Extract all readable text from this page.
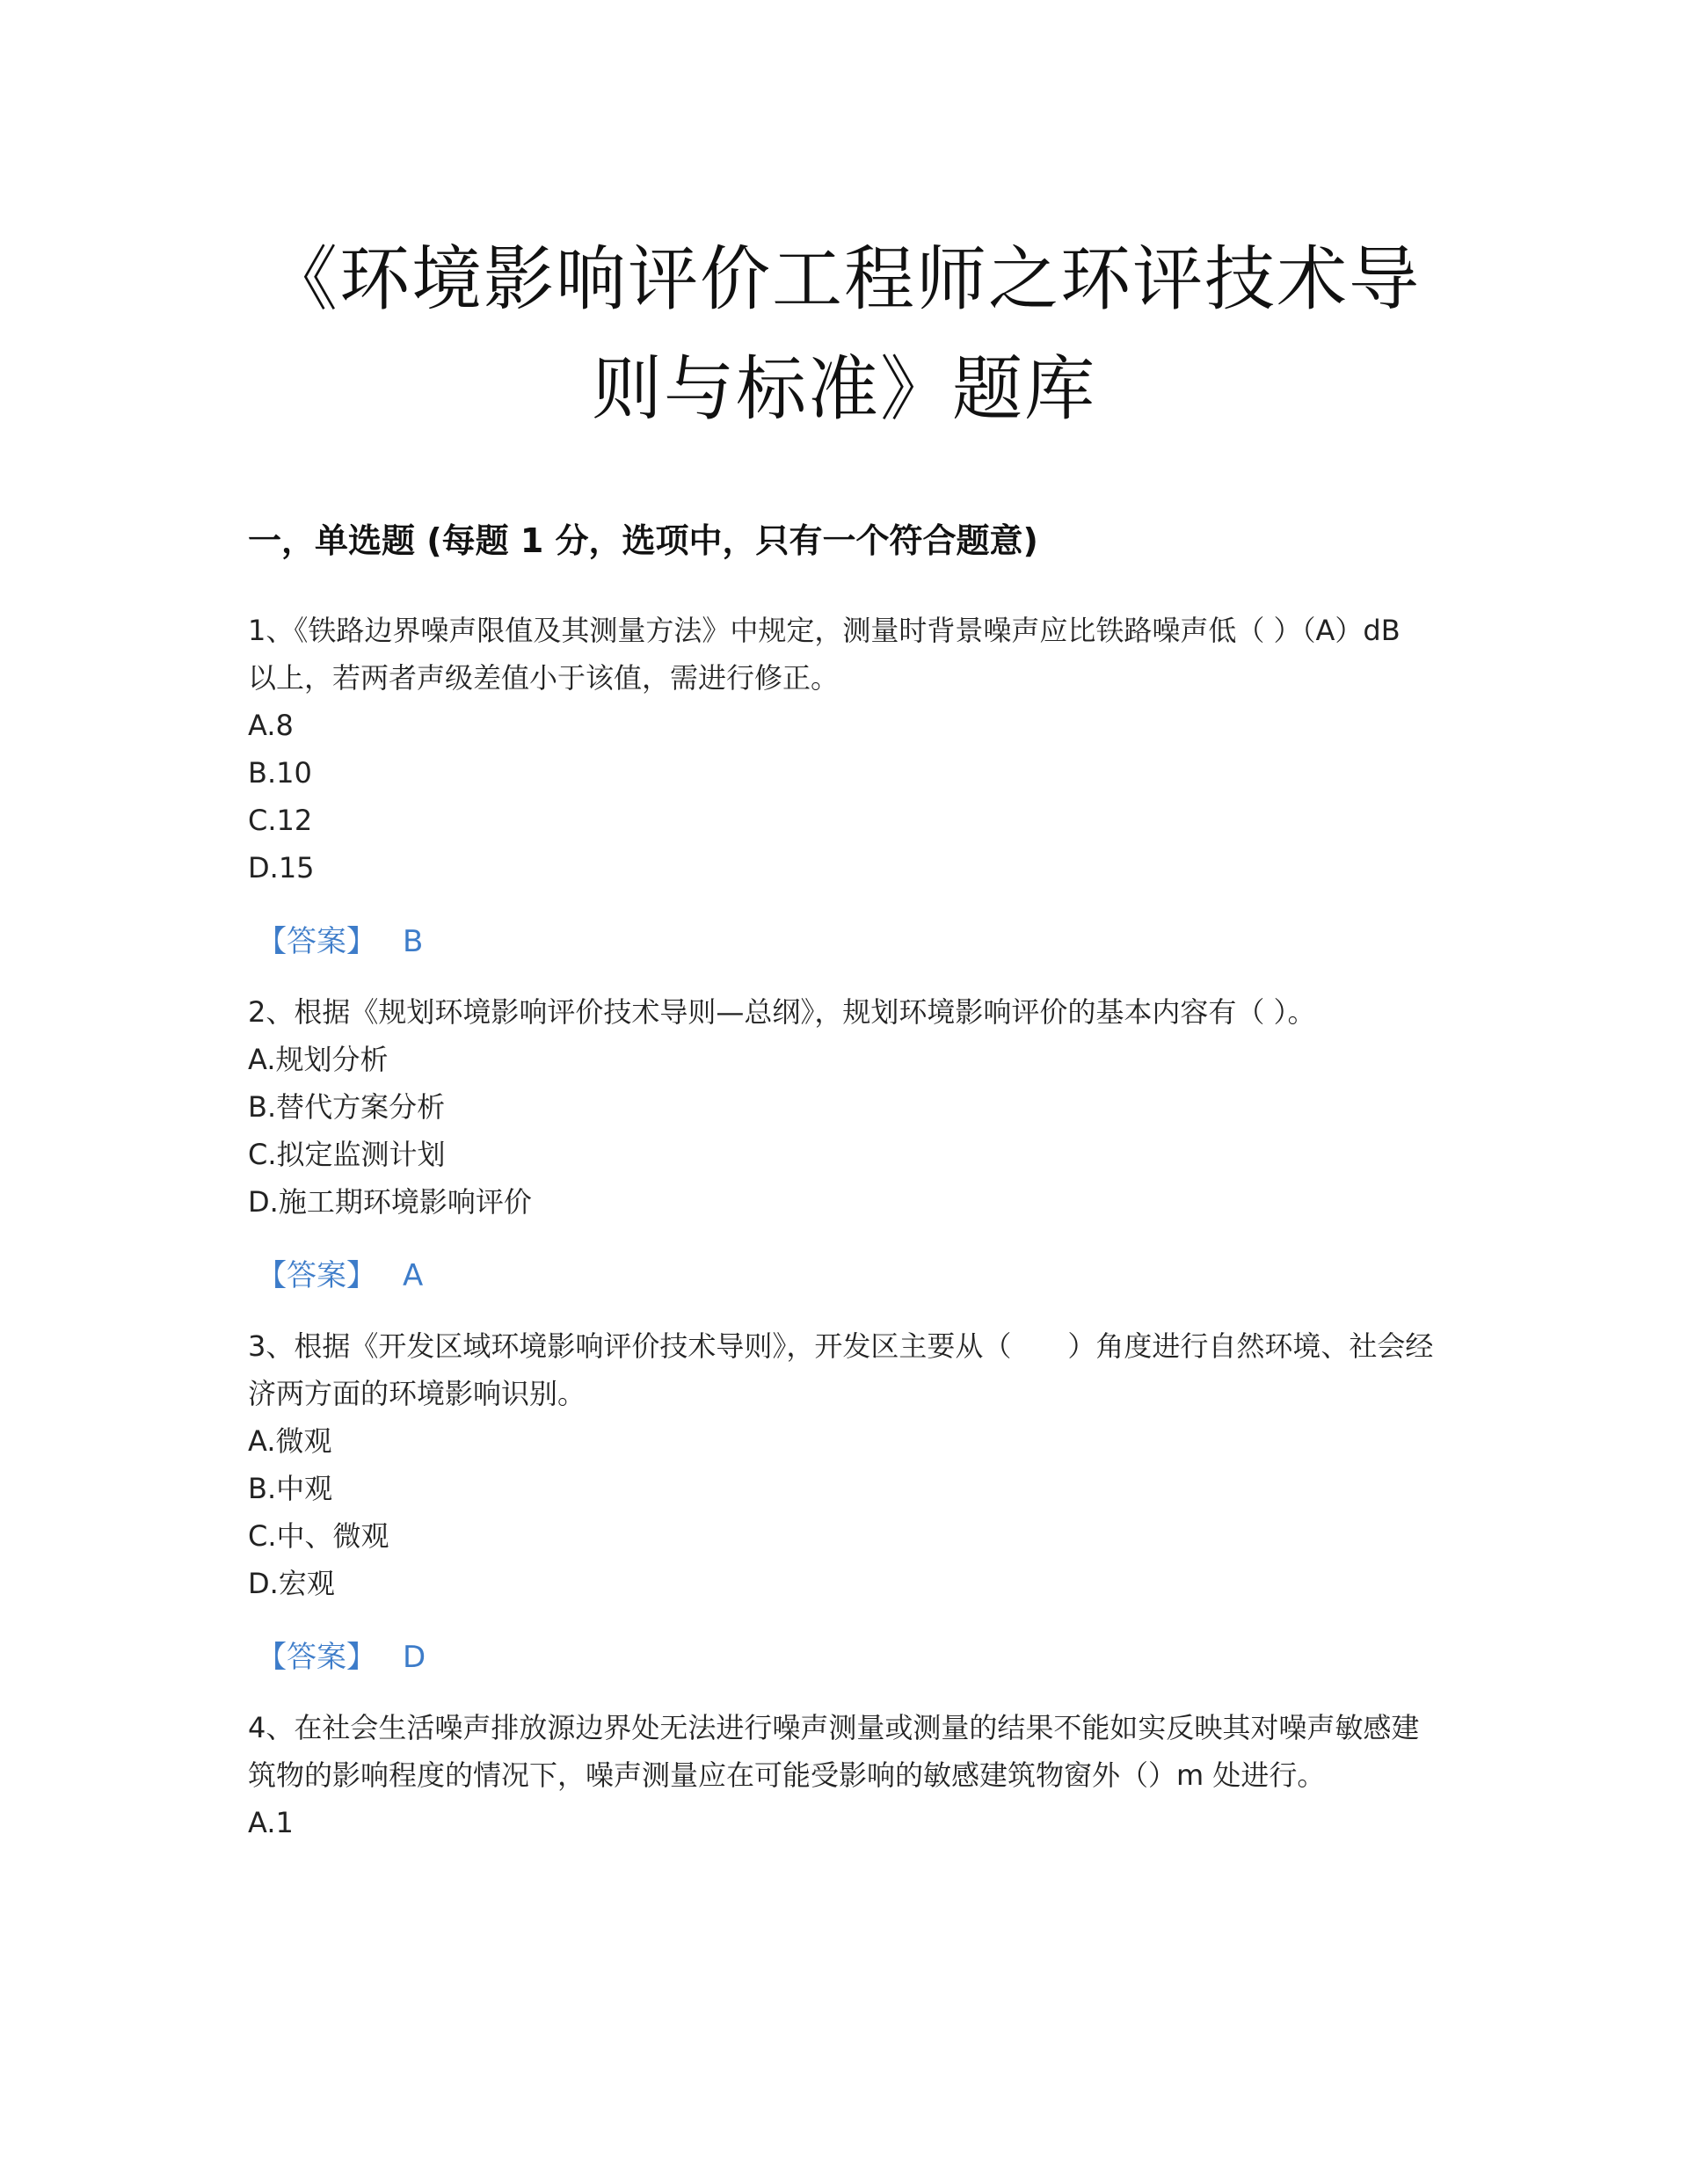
《环境影响评价工程师之环评技术导
则与标准》题库
一，单选题 (每题 1 分，选项中，只有一个符合题意)

1、《铁路边界噪声限值及其测量方法》中规定，测量时背景噪声应比铁路噪声低（ ）（A）dB 以上，若两者声级差值小于该值，需进行修正。

A.8

B.10

C.12

D.15

【答案】 B

2、根据《规划环境影响评价技术导则—总纲》，规划环境影响评价的基本内容有（ ）。

A.规划分析

B.替代方案分析

C.拟定监测计划

D.施工期环境影响评价

【答案】 A

3、根据《开发区域环境影响评价技术导则》，开发区主要从（　　）角度进行自然环境、社会经济两方面的环境影响识别。

A.微观

B.中观

C.中、微观

D.宏观

【答案】 D

4、在社会生活噪声排放源边界处无法进行噪声测量或测量的结果不能如实反映其对噪声敏感建筑物的影响程度的情况下，噪声测量应在可能受影响的敏感建筑物窗外（）m 处进行。

A.1
